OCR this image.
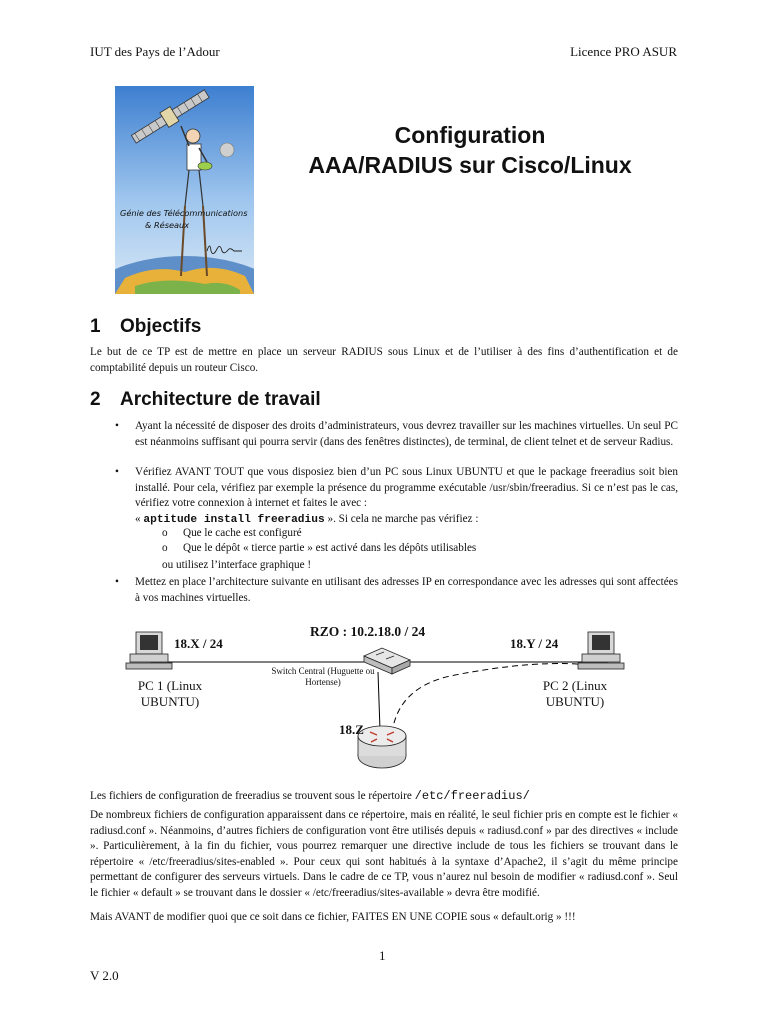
IUT des Pays de l’Adour	Licence PRO ASUR
Génie des Télécommunications
& Réseaux
Configuration
AAA/RADIUS sur Cisco/Linux
1 Objectifs
Le but de ce TP est de mettre en place un serveur RADIUS sous Linux et de l’utiliser à des fins d’authentification et de comptabilité depuis un routeur Cisco.
2 Architecture de travail
• Ayant la nécessité de disposer des droits d’administrateurs, vous devrez travailler sur les machines virtuelles. Un seul PC est néanmoins suffisant qui pourra servir (dans des fenêtres distinctes), de terminal, de client telnet et de serveur Radius.
• Vérifiez AVANT TOUT que vous disposiez bien d’un PC sous Linux UBUNTU et que le package freeradius soit bien installé. Pour cela, vérifiez par exemple la présence du programme exécutable /usr/sbin/freeradius. Si ce n’est pas le cas, vérifiez votre connexion à internet et faites le avec :
« aptitude install freeradius ». Si cela ne marche pas vérifiez :
o Que le cache est configuré
o Que le dépôt « tierce partie » est activé dans les dépôts utilisables
ou utilisez l’interface graphique !
• Mettez en place l’architecture suivante en utilisant des adresses IP en correspondance avec les adresses qui sont affectées à vos machines virtuelles.
RZO : 10.2.18.0 / 24
18.X / 24	18.Y / 24
Switch Central (Huguette ou Hortense)
PC 1 (Linux UBUNTU)
PC 2 (Linux UBUNTU)
18.Z
Les fichiers de configuration de freeradius se trouvent sous le répertoire /etc/freeradius/
De nombreux fichiers de configuration apparaissent dans ce répertoire, mais en réalité, le seul fichier pris en compte est le fichier « radiusd.conf ». Néanmoins, d’autres fichiers de configuration vont être utilisés depuis « radiusd.conf » par des directives « include ». Particulièrement, à la fin du fichier, vous pourrez remarquer une directive include de tous les fichiers se trouvant dans le répertoire « /etc/freeradius/sites-enabled ». Pour ceux qui sont habitués à la syntaxe d’Apache2, il s’agit du même principe permettant de configurer des serveurs virtuels. Dans le cadre de ce TP, vous n’aurez nul besoin de modifier « radiusd.conf ». Seul le fichier « default » se trouvant dans le dossier « /etc/freeradius/sites-available » devra être modifié.
Mais AVANT de modifier quoi que ce soit dans ce fichier, FAITES EN UNE COPIE sous « default.orig » !!!
1
V 2.0
